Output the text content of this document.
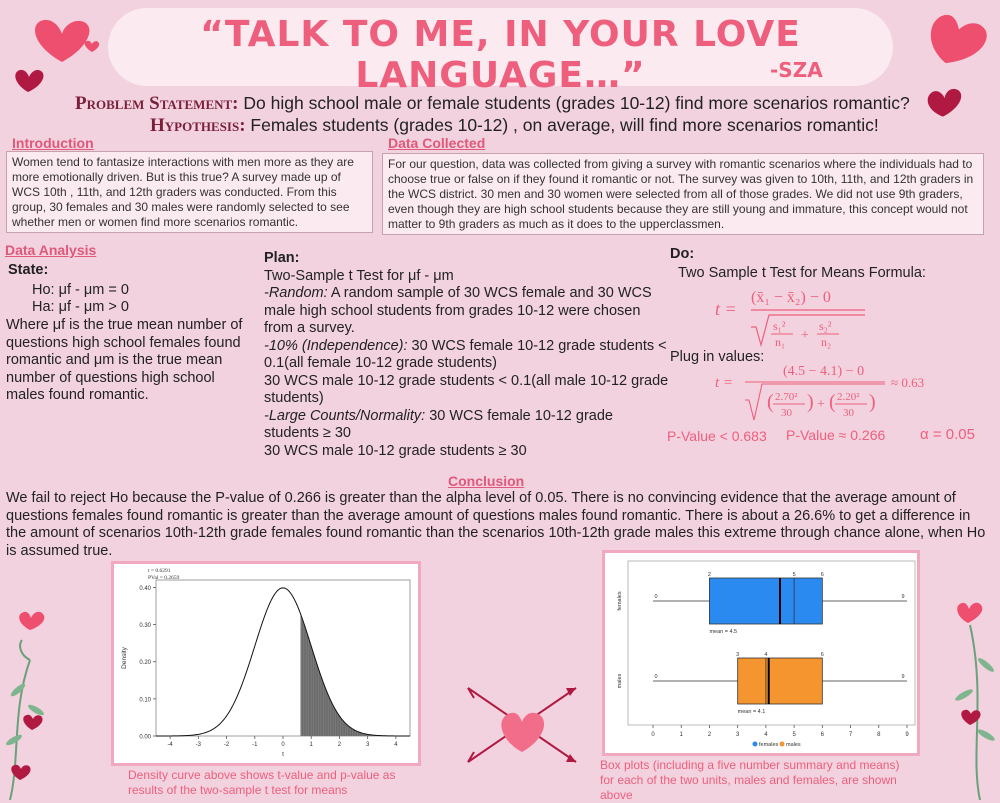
“TALK TO ME, IN YOUR LOVE LANGUAGE…”	-SZA
Problem Statement: Do high school male or female students (grades 10-12) find more scenarios romantic?
Hypothesis: Females students (grades 10-12) , on average, will find more scenarios romantic!
Introduction
Women tend to fantasize interactions with men more as they are more emotionally driven. But is this true? A survey made up of WCS 10th , 11th, and 12th graders was conducted. From this group, 30 females and 30 males were randomly selected to see whether men or women find more scenarios romantic.
Data Collected
For our question, data was collected from giving a survey with romantic scenarios where the individuals had to choose true or false on if they found it romantic or not. The survey was given to 10th, 11th, and 12th graders in the WCS district. 30 men and 30 women were selected from all of those grades. We did not use 9th graders, even though they are high school students because they are still young and immature, this concept would not matter to 9th graders as much as it does to the upperclassmen.
Data Analysis
State:
Ho: μf - μm = 0
Ha: μf - μm > 0
Where μf is the true mean number of questions high school females found romantic and μm is the true mean number of questions high school males found romantic.
Plan:
Two-Sample t Test for μf - μm
-Random: A random sample of 30 WCS female and 30 WCS male high school students from grades 10-12 were chosen from a survey.
-10% (Independence): 30 WCS female 10-12 grade students < 0.1(all female 10-12 grade students)
30 WCS male 10-12 grade students < 0.1(all male 10-12 grade students)
-Large Counts/Normality: 30 WCS female 10-12 grade students ≥ 30
30 WCS male 10-12 grade students ≥ 30
Do:
Two Sample t Test for Means Formula:
t =
(x̄₁ − x̄₂) − 0
s₁²
n₁ +
s₂²
n₂
Plug in values:
t =
(4.5 − 4.1) − 0
( 2.70²
30 ) + ( 2.20²
30 )
≈ 0.63
P-Value < 0.683 P-Value ≈ 0.266 α = 0.05
Conclusion
We fail to reject Ho because the P-value of 0.266 is greater than the alpha level of 0.05. There is no convincing evidence that the average amount of questions females found romantic is greater than the average amount of questions males found romantic. There is about a 26.6% to get a difference in the amount of scenarios 10th-12th grade females found romantic than the scenarios 10th-12th grade males this extreme through chance alone, when Ho is assumed true.
0.00
0.10
0.20
0.30
0.40
-4	-3	-2	-1	0	1	2	3	4
Density
t
t = 0.6291
PVal = 0.2659
Density curve above shows t-value and p-value as results of the two-sample t test for means
0
2	5	6
9
mean = 4.5
females
0
3	4	6
9
mean = 4.1
males
0	1	2	3	4	5	6	7	8	9
females males
Box plots (including a five number summary and means) for each of the two units, males and females, are shown above
